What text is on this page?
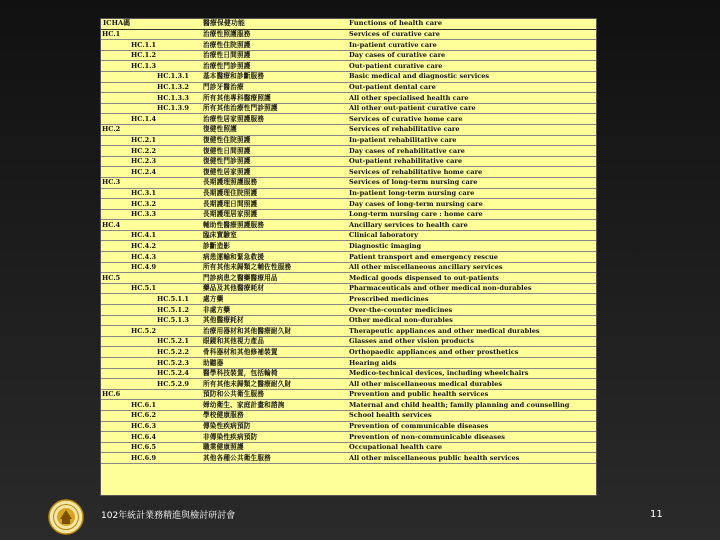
ICHA碼	醫療保健功能	Functions of health care
HC.1	治療性照護服務	Services of curative care
HC.1.1	治療性住院照護	In-patient curative care
HC.1.2	治療性日間照護	Day cases of curative care
HC.1.3	治療性門診照護	Out-patient curative care
HC.1.3.1	基本醫療和診斷服務	Basic medical and diagnostic services
HC.1.3.2	門診牙醫治療	Out-patient dental care
HC.1.3.3	所有其他專科醫療照護	All other specialised health care
HC.1.3.9	所有其他治療性門診照護	All other out-patient curative care
HC.1.4	治療性居家照護服務	Services of curative home care
HC.2	復健性照護	Services of rehabilitative care
HC.2.1	復健性住院照護	In-patient rehabilitative care
HC.2.2	復健性日間照護	Day cases of rehabilitative care
HC.2.3	復健性門診照護	Out-patient rehabilitative care
HC.2.4	復健性居家照護	Services of rehabilitative home care
HC.3	長期護理照護服務	Services of long-term nursing care
HC.3.1	長期護理住院照護	In-patient long-term nursing care
HC.3.2	長期護理日間照護	Day cases of long-term nursing care
HC.3.3	長期護理居家照護	Long-term nursing care : home care
HC.4	輔助性醫療照護服務	Ancillary services to health care
HC.4.1	臨床實驗室	Clinical laboratory
HC.4.2	診斷造影	Diagnostic imaging
HC.4.3	病患運輸和緊急救援	Patient transport and emergency rescue
HC.4.9	所有其他未歸類之輔佐性服務	All other miscellaneous ancillary services
HC.5	門診病患之醫藥醫療用品	Medical goods dispensed to out-patients
HC.5.1	藥品及其他醫療耗材	Pharmaceuticals and other medical non-durables
HC.5.1.1	處方藥	Prescribed medicines
HC.5.1.2	非處方藥	Over-the-counter medicines
HC.5.1.3	其他醫療耗材	Other medical non-durables
HC.5.2	治療用器材和其他醫療耐久財	Therapeutic appliances and other medical durables
HC.5.2.1	眼鏡和其他視力產品	Glasses and other vision products
HC.5.2.2	骨科器材和其他修補裝置	Orthopaedic appliances and other prosthetics
HC.5.2.3	助聽器	Hearing aids
HC.5.2.4	醫學科技裝置，包括輪椅	Medico-technical devices, including wheelchairs
HC.5.2.9	所有其他未歸類之醫療耐久財	All other miscellaneous medical durables
HC.6	預防和公共衛生服務	Prevention and public health services
HC.6.1	婦幼衛生、家庭計畫和諮詢	Maternal and child health; family planning and counselling
HC.6.2	學校健康服務	School health services
HC.6.3	傳染性疾病預防	Prevention of communicable diseases
HC.6.4	非傳染性疾病預防	Prevention of non-communicable diseases
HC.6.5	職業健康照護	Occupational health care
HC.6.9	其他各種公共衛生服務	All other miscellaneous public health services
102年統計業務精進與檢討研討會	11
